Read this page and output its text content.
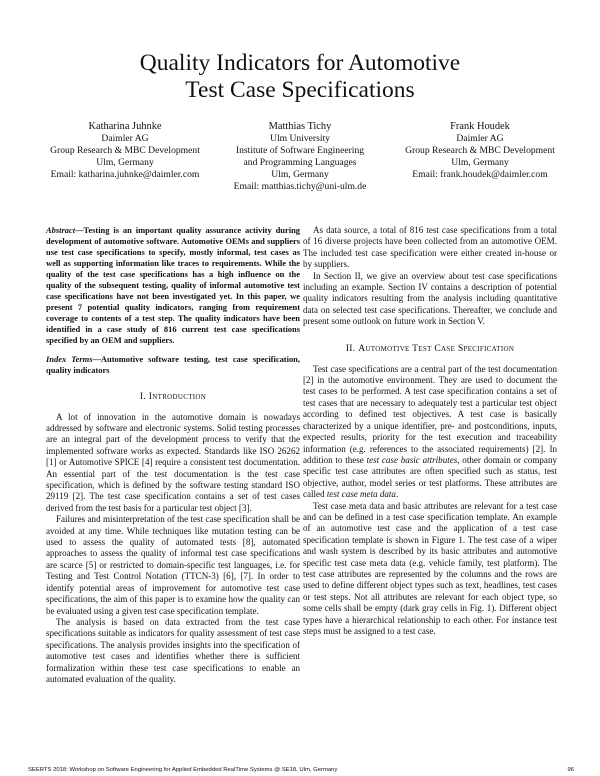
Quality Indicators for Automotive
Test Case Specifications
Katharina Juhnke
Daimler AG
Group Research & MBC Development
Ulm, Germany
Email: katharina.juhnke@daimler.com
Matthias Tichy
Ulm University
Institute of Software Engineering
and Programming Languages
Ulm, Germany
Email: matthias.tichy@uni-ulm.de
Frank Houdek
Daimler AG
Group Research & MBC Development
Ulm, Germany
Email: frank.houdek@daimler.com

Abstract—Testing is an important quality assurance activity during development of automotive software. Automotive OEMs and suppliers use test case specifications to specify, mostly informal, test cases as well as supporting information like traces to requirements. While the quality of the test case specifications has a high influence on the quality of the subsequent testing, quality of informal automotive test case specifications have not been investigated yet. In this paper, we present 7 potential quality indicators, ranging from requirement coverage to contents of a test step. The quality indicators have been identified in a case study of 816 current test case specifications specified by an OEM and suppliers.

Index Terms—Automotive software testing, test case specification, quality indicators

I. Introduction

A lot of innovation in the automotive domain is nowadays addressed by software and electronic systems. Solid testing processes are an integral part of the development process to verify that the implemented software works as expected. Standards like ISO 26262 [1] or Automotive SPICE [4] require a consistent test documentation. An essential part of the test documentation is the test case specification, which is defined by the software testing standard ISO 29119 [2]. The test case specification contains a set of test cases derived from the test basis for a particular test object [3].

Failures and misinterpretation of the test case specification shall be avoided at any time. While techniques like mutation testing can be used to assess the quality of automated tests [8], automated approaches to assess the quality of informal test case specifications are scarce [5] or restricted to domain-specific test languages, i.e. for Testing and Test Control Notation (TTCN-3) [6], [7]. In order to identify potential areas of improvement for automotive test case specifications, the aim of this paper is to examine how the quality can be evaluated using a given test case specification template.

The analysis is based on data extracted from the test case specifications suitable as indicators for quality assessment of test case specifications. The analysis provides insights into the specification of automotive test cases and identifies whether there is sufficient formalization within these test case specifications to enable an automated evaluation of the quality.

As data source, a total of 816 test case specifications from a total of 16 diverse projects have been collected from an automotive OEM. The included test case specification were either created in-house or by suppliers.

In Section II, we give an overview about test case specifications including an example. Section IV contains a description of potential quality indicators resulting from the analysis including quantitative data on selected test case specifications. Thereafter, we conclude and present some outlook on future work in Section V.

II. Automotive Test Case Specification

Test case specifications are a central part of the test documentation [2] in the automotive environment. They are used to document the test cases to be performed. A test case specification contains a set of test cases that are necessary to adequately test a particular test object according to defined test objectives. A test case is basically characterized by a unique identifier, pre- and postconditions, inputs, expected results, priority for the test execution and traceability information (e.g. references to the associated requirements) [2]. In addition to these test case basic attributes, other domain or company specific test case attributes are often specified such as status, test objective, author, model series or test platforms. These attributes are called test case meta data.

Test case meta data and basic attributes are relevant for a test case and can be defined in a test case specification template. An example of an automotive test case and the application of a test case specification template is shown in Figure 1. The test case of a wiper and wash system is described by its basic attributes and automotive specific test case meta data (e.g. vehicle family, test platform). The test case attributes are represented by the columns and the rows are used to define different object types such as text, headlines, test cases or test steps. Not all attributes are relevant for each object type, so some cells shall be empty (dark gray cells in Fig. 1). Different object types have a hierarchical relationship to each other. For instance test steps must be assigned to a test case.

SEERTS 2018: Workshop on Software Engineering for Applied Embedded RealTime Systems @ SE18, Ulm, Germany	96
